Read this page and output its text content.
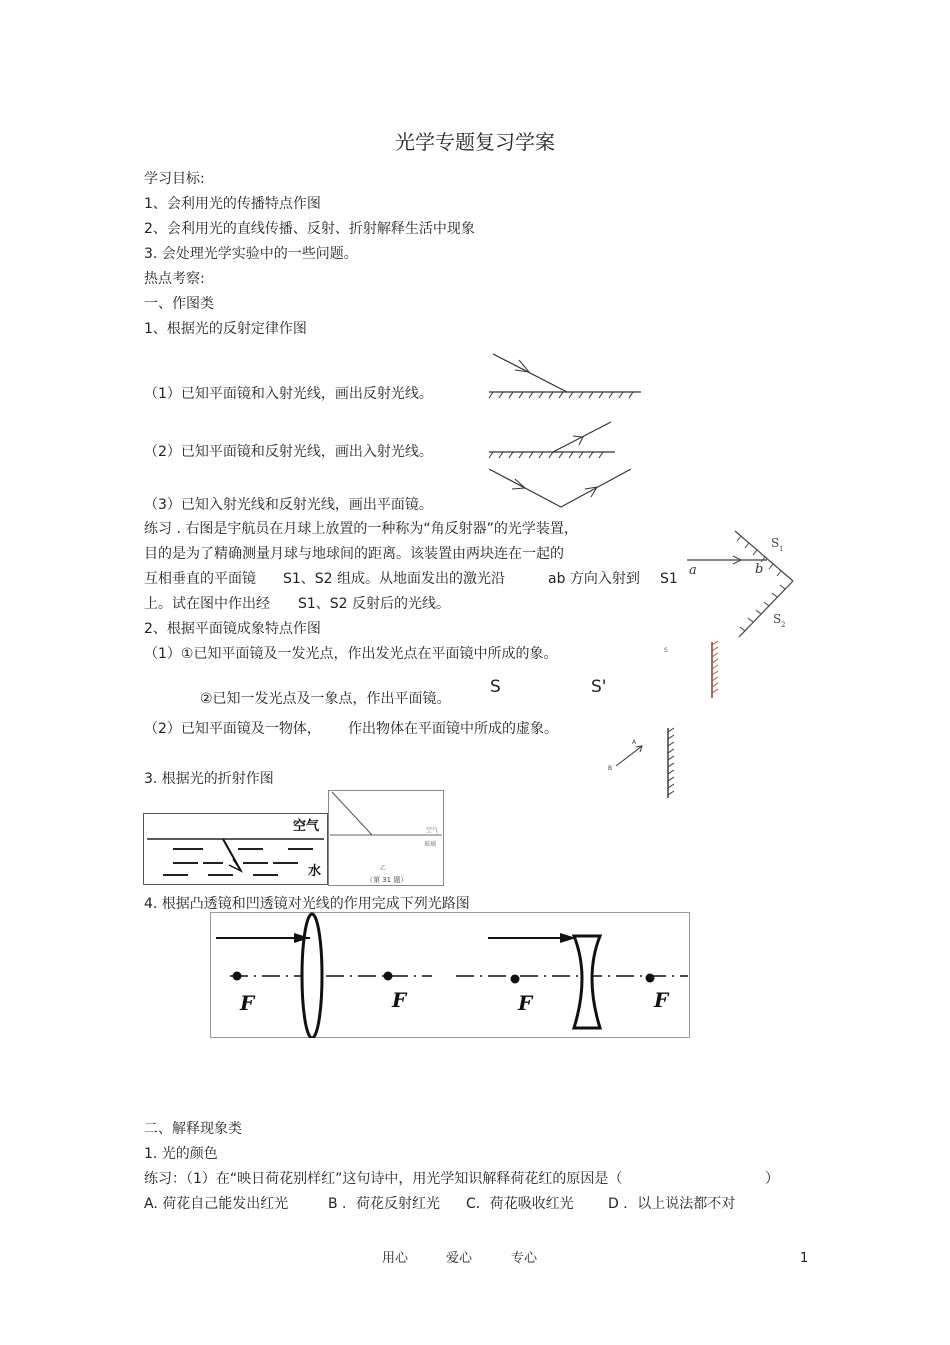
光学专题复习学案
学习目标:
1、会利用光的传播特点作图
2、会利用光的直线传播、反射、折射解释生活中现象
3. 会处理光学实验中的一些问题。
热点考察:
一、作图类
1、根据光的反射定律作图
（1）已知平面镜和入射光线，画出反射光线。
（2）已知平面镜和反射光线，画出入射光线。
（3）已知入射光线和反射光线，画出平面镜。
练习 . 右图是宇航员在月球上放置的一种称为“角反射器”的光学装置，
目的是为了精确测量月球与地球间的距离。该装置由两块连在一起的
互相垂直的平面镜 S1、S2 组成。从地面发出的激光沿	ab 方向入射到 S1
上。试在图中作出经 S1、S2 反射后的光线。
2、根据平面镜成象特点作图
（1）①已知平面镜及一发光点，作出发光点在平面镜中所成的象。
②已知一发光点及一象点，作出平面镜。
（2）已知平面镜及一物体， 作出物体在平面镜中所成的虚象。
3. 根据光的折射作图
4. 根据凸透镜和凹透镜对光线的作用完成下列光路图
二、解释现象类
1. 光的颜色
练习：（1）在“映日荷花别样红”这句诗中，用光学知识解释荷花红的原因是（	）
A. 荷花自己能发出红光	B ．荷花反射红光 C．荷花吸收红光 D ．以上说法都不对
S 1
S 2
a	b
S
S	S'
A
B
空气
水
空气
玻璃
乙
（第 31 题）
F	F	F	F
用心	爱心	专心	1
